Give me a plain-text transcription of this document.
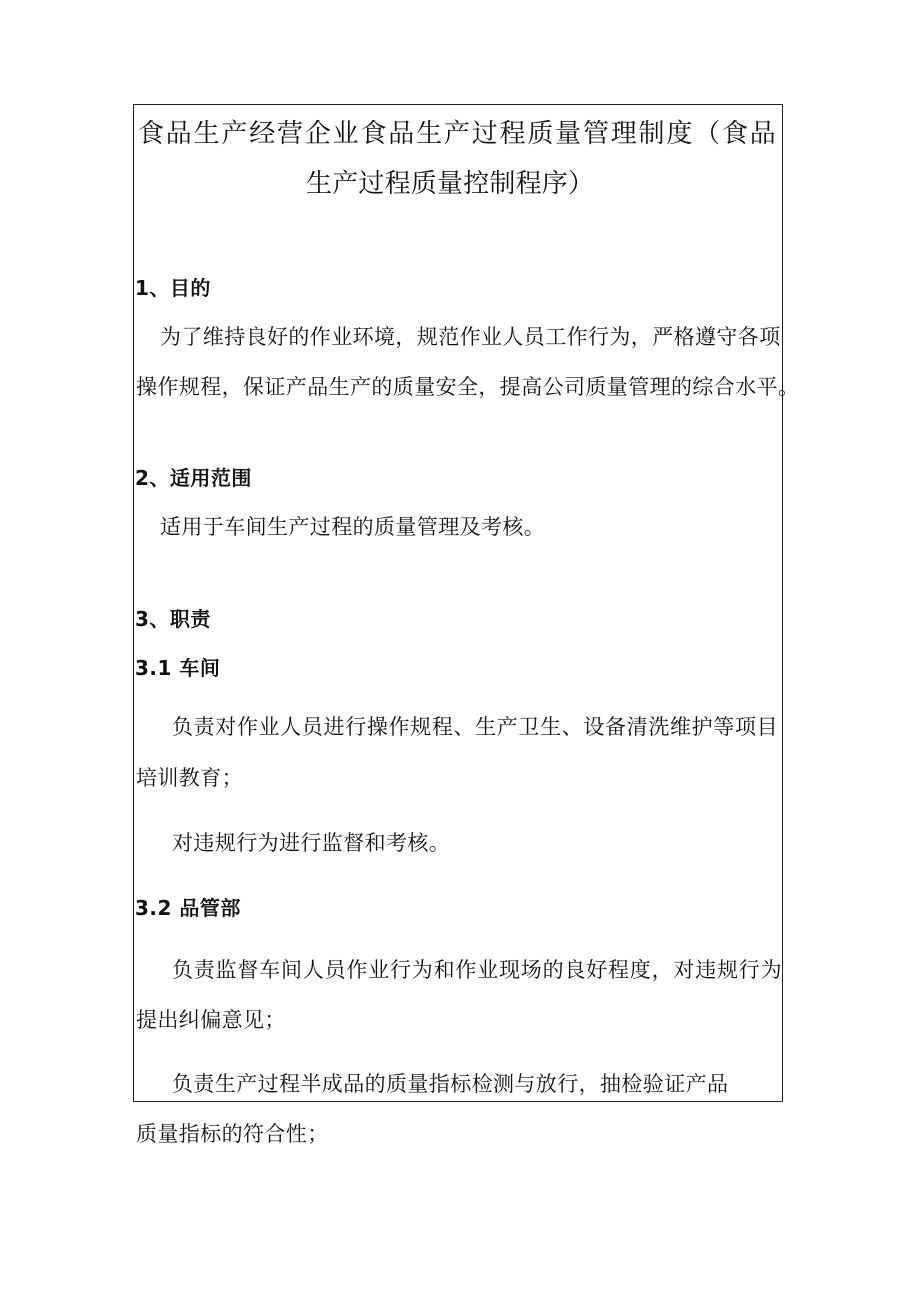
食品生产经营企业食品生产过程质量管理制度（食品
生产过程质量控制程序）
1、目的
为了维持良好的作业环境，规范作业人员工作行为，严格遵守各项
操作规程，保证产品生产的质量安全，提高公司质量管理的综合水平。
2、适用范围
适用于车间生产过程的质量管理及考核。
3、职责
3.1 车间
负责对作业人员进行操作规程、生产卫生、设备清洗维护等项目
培训教育；
对违规行为进行监督和考核。
3.2 品管部
负责监督车间人员作业行为和作业现场的良好程度，对违规行为
提出纠偏意见；
负责生产过程半成品的质量指标检测与放行，抽检验证产品
质量指标的符合性；
